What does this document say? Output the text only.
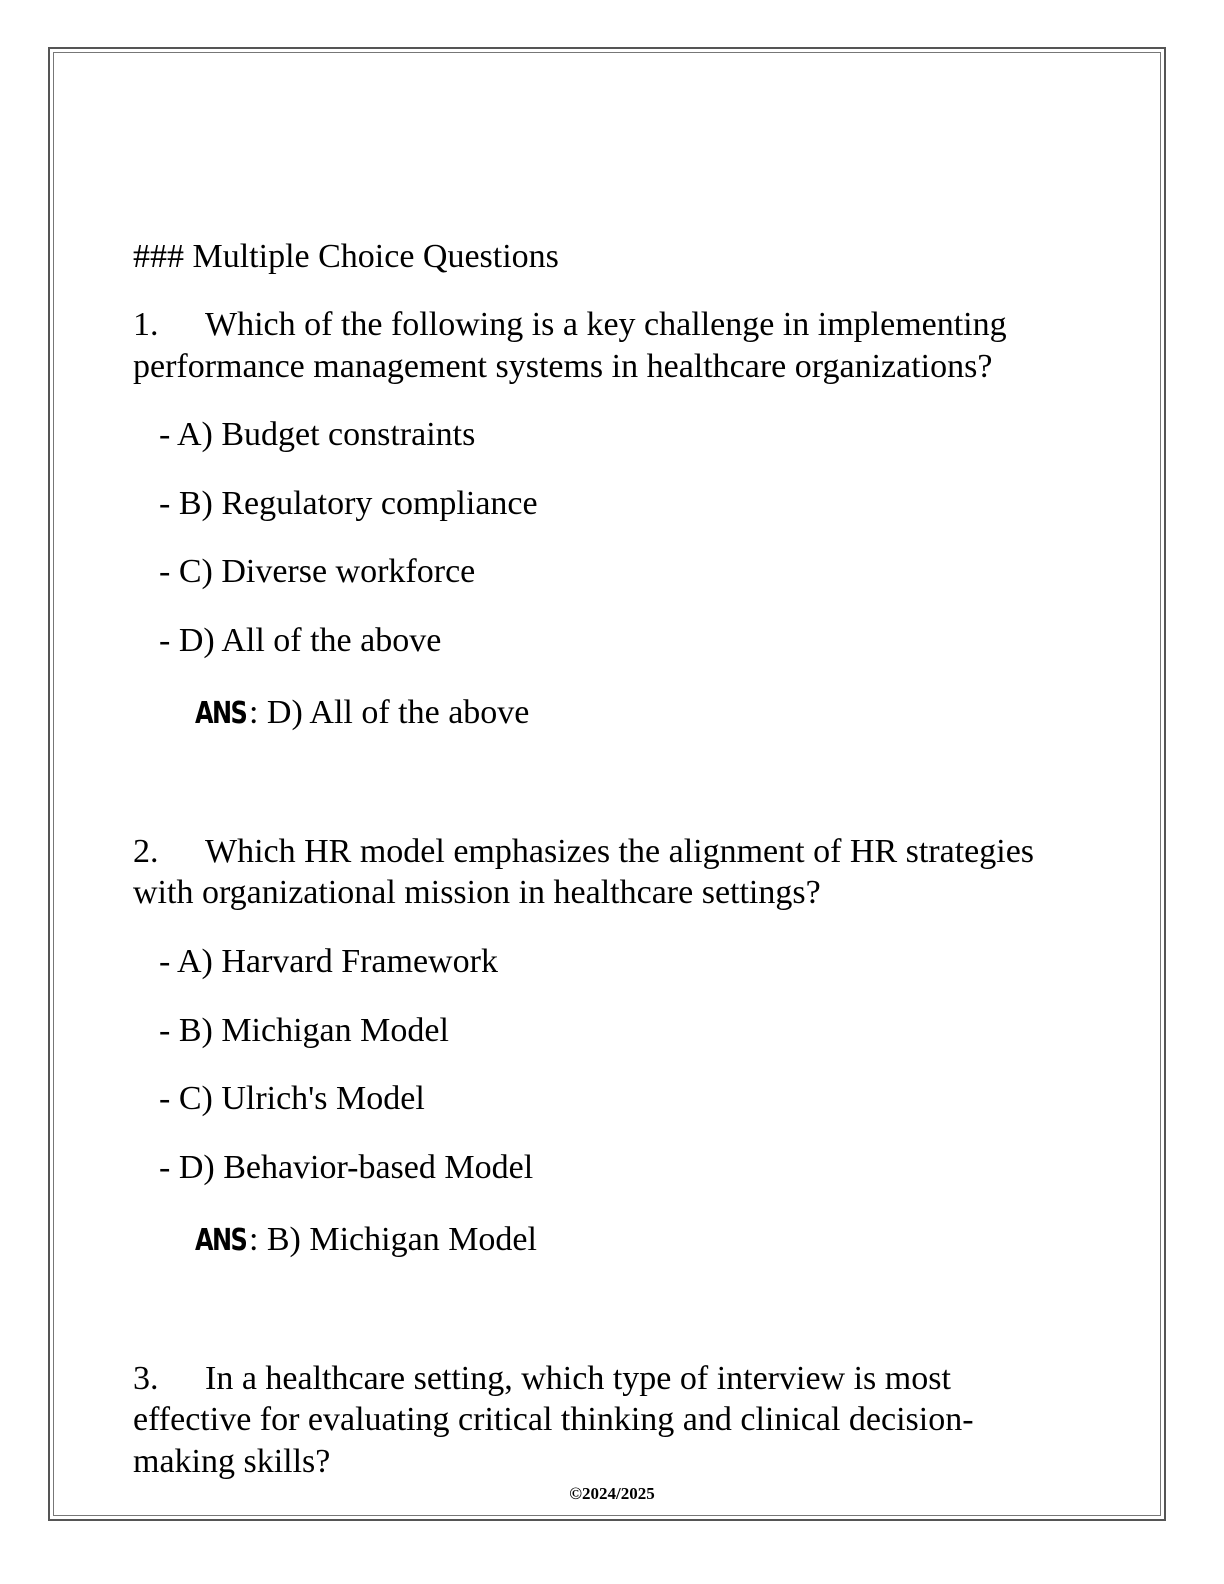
### Multiple Choice Questions
1. Which of the following is a key challenge in implementing
performance management systems in healthcare organizations?
- A) Budget constraints
- B) Regulatory compliance
- C) Diverse workforce
- D) All of the above
ANS: D) All of the above
2. Which HR model emphasizes the alignment of HR strategies
with organizational mission in healthcare settings?
- A) Harvard Framework
- B) Michigan Model
- C) Ulrich's Model
- D) Behavior-based Model
ANS: B) Michigan Model
3. In a healthcare setting, which type of interview is most
effective for evaluating critical thinking and clinical decision-
making skills?
©2024/2025
